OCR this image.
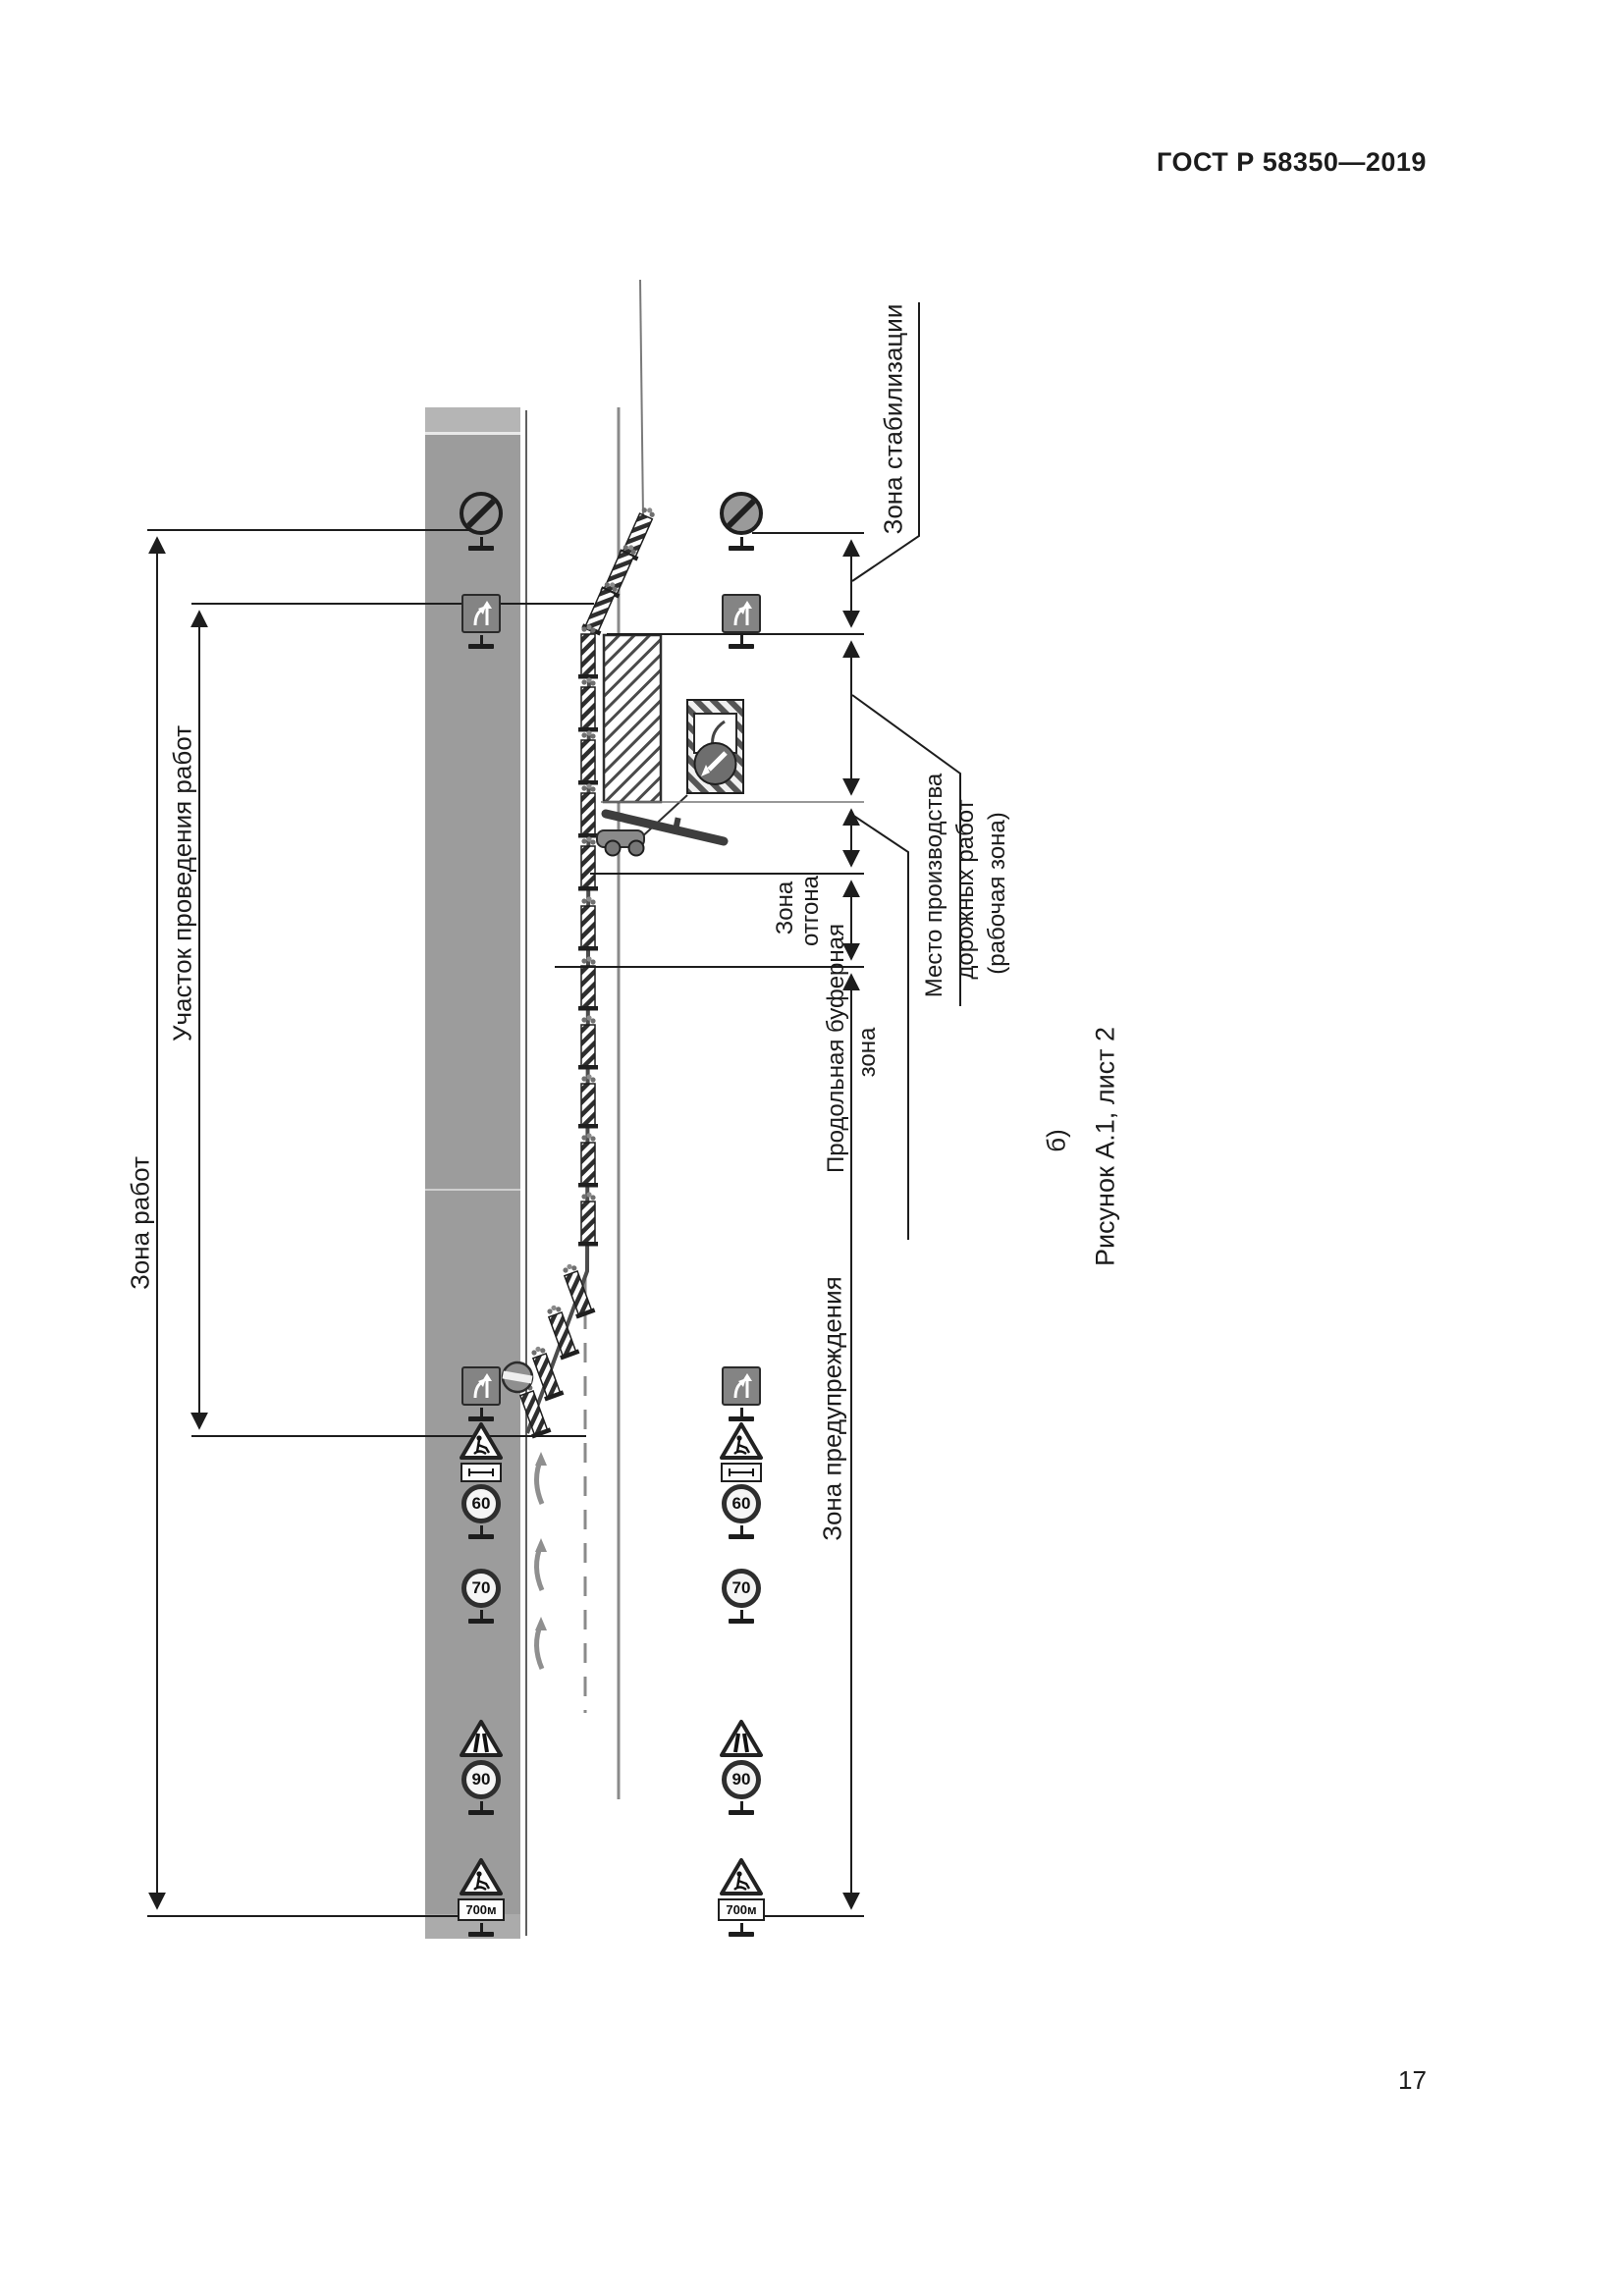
ГОСТ Р 58350—2019
17
60
70
90
700м
60
70
90
700м
Зона работ
Участок проведения работ
Зона стабилизации
Зона отгона
Продольная буферная зона
Место производства дорожных работ (рабочая зона)
Зона предупреждения
б) Рисунок А.1, лист 2
